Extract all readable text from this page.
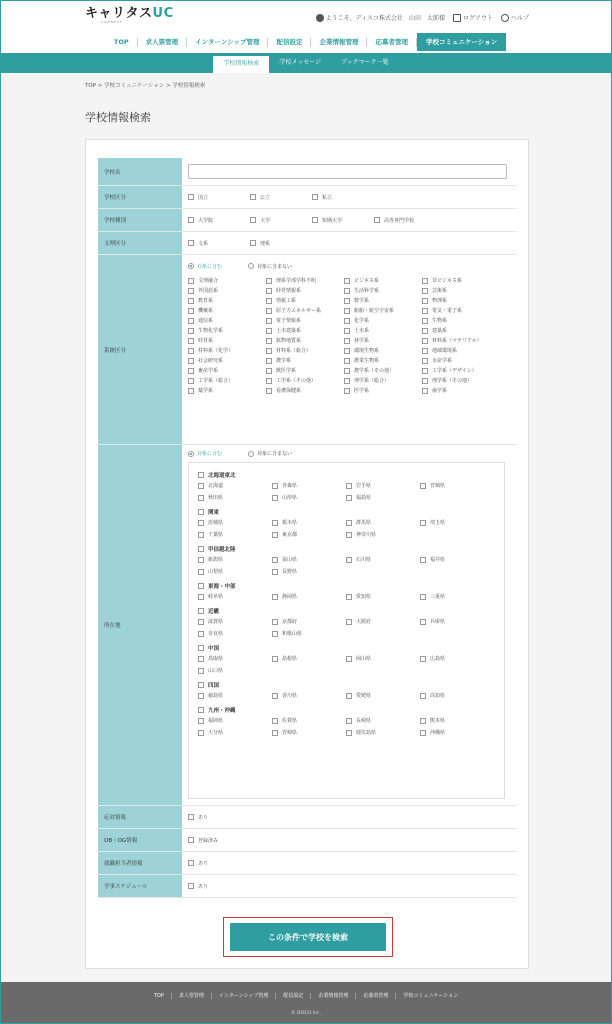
キャリタスUC
CONNECT	ようこそ、ディスコ株式会社　山田　太郎様	ログアウト	ヘルプ
TOP	求人票管理	インターンシップ管理	配信設定	企業情報管理	応募者管理	学校コミュニケーション
学校情報検索	学校メッセージ	ブックマーク一覧
TOP > 学校コミュニケーション > 学校情報検索
学校情報検索
学校名
学校区分	国立	公立	私立
学校種別	大学院	大学	短期大学	高等専門学校
文理区分	文系	理系
系統区分
対象に含む	対象に含まない
文理融合	理系学部学科不明	ビジネス系	非ビジネス系
外国語系	経営情報系	生活科学系	芸術系
教育系	情報工系	数学系	物理系
機械系	原子力エネルギー系	船舶・航空宇宙系	電気・電子系
通信系	電子情報系	化学系	生物系
生物化学系	土木建築系	土木系	建築系
経営系	鉱物地質系	林学系	材料系（マテリアル）
材料系（化学）	材料系（総合）	環境生物系	地域環境系
社会研究系	農学系	農業生物系	水産学系
畜産学系	獣医学系	農学系（その他）	工学系（デザイン）
工学系（総合）	工学系（その他）	理学系（総合）	理学系（その他）
薬学系	看護保健系	医学系	歯学系
所在地
対象に含む	対象に含まない
北海道東北
北海道	青森県	岩手県	宮城県
秋田県	山形県	福島県
関東
茨城県	栃木県	群馬県	埼玉県
千葉県	東京都	神奈川県
甲信越北陸
新潟県	富山県	石川県	福井県
山梨県	長野県
東海・中部
岐阜県	静岡県	愛知県	三重県
近畿
滋賀県	京都府	大阪府	兵庫県
奈良県	和歌山県
中国
鳥取県	島根県	岡山県	広島県
山口県
四国
徳島県	香川県	愛媛県	高知県
九州・沖縄
福岡県	佐賀県	長崎県	熊本県
大分県	宮崎県	鹿児島県	沖縄県
応対情報	あり
OB・OG情報	登録済み
就職担当者情報	あり
学事スケジュール	あり
この条件で学校を検索
TOP	求人票管理	インターンシップ管理	配信設定	企業情報管理	応募者管理	学校コミュニケーション
© DISCO Inc.
